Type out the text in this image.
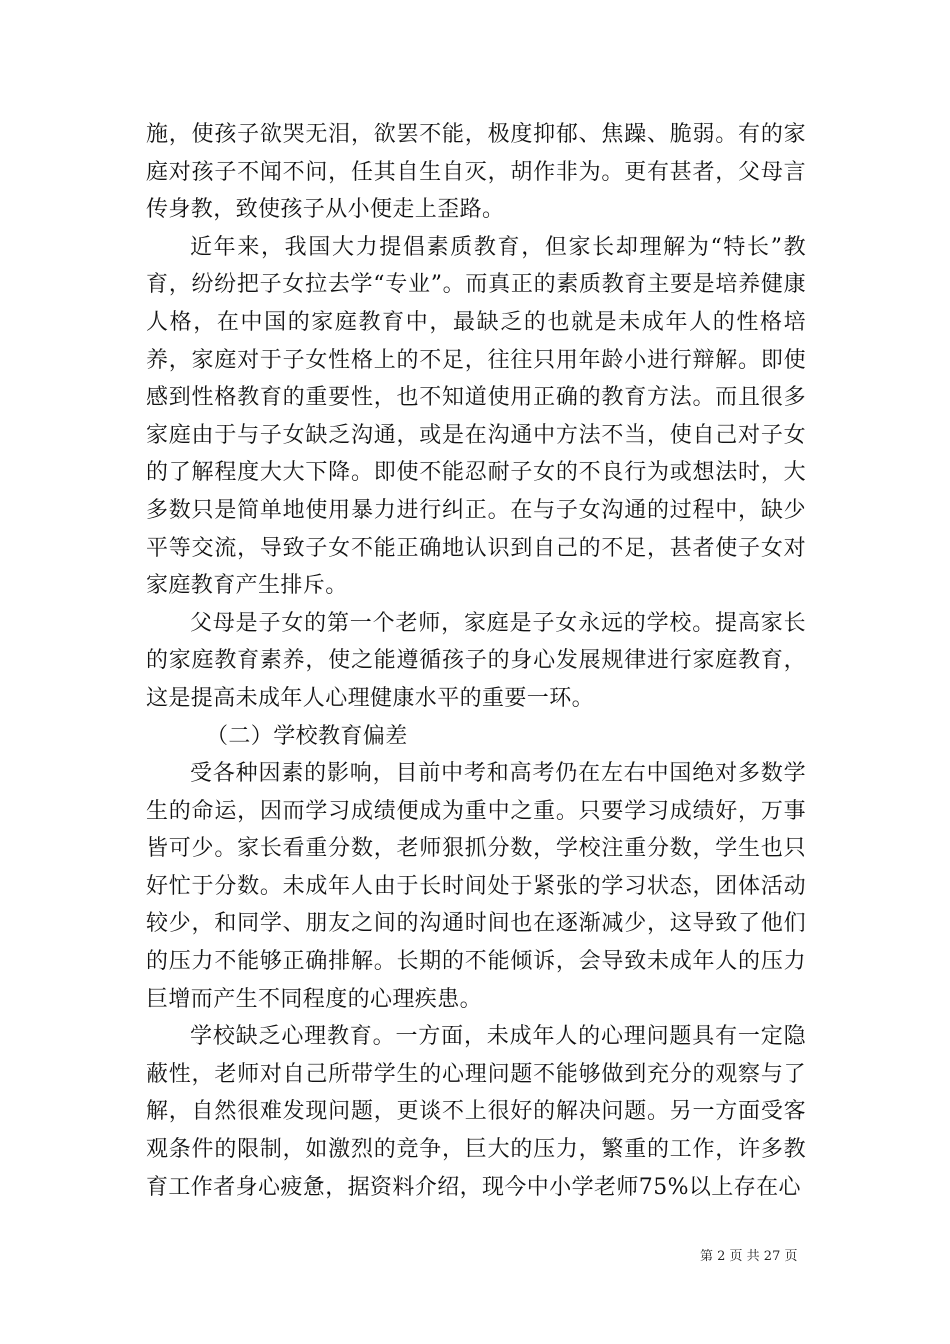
施，使孩子欲哭无泪，欲罢不能，极度抑郁、焦躁、脆弱。有的家庭对孩子不闻不问，任其自生自灭，胡作非为。更有甚者，父母言传身教，致使孩子从小便走上歪路。

近年来，我国大力提倡素质教育，但家长却理解为“特长”教育，纷纷把子女拉去学“专业”。而真正的素质教育主要是培养健康人格，在中国的家庭教育中，最缺乏的也就是未成年人的性格培养，家庭对于子女性格上的不足，往往只用年龄小进行辩解。即使感到性格教育的重要性，也不知道使用正确的教育方法。而且很多家庭由于与子女缺乏沟通，或是在沟通中方法不当，使自己对子女的了解程度大大下降。即使不能忍耐子女的不良行为或想法时，大多数只是简单地使用暴力进行纠正。在与子女沟通的过程中，缺少平等交流，导致子女不能正确地认识到自己的不足，甚者使子女对家庭教育产生排斥。

父母是子女的第一个老师，家庭是子女永远的学校。提高家长的家庭教育素养，使之能遵循孩子的身心发展规律进行家庭教育，这是提高未成年人心理健康水平的重要一环。

（二）学校教育偏差

受各种因素的影响，目前中考和高考仍在左右中国绝对多数学生的命运，因而学习成绩便成为重中之重。只要学习成绩好，万事皆可少。家长看重分数，老师狠抓分数，学校注重分数，学生也只好忙于分数。未成年人由于长时间处于紧张的学习状态，团体活动较少，和同学、朋友之间的沟通时间也在逐渐减少，这导致了他们的压力不能够正确排解。长期的不能倾诉，会导致未成年人的压力巨增而产生不同程度的心理疾患。

学校缺乏心理教育。一方面，未成年人的心理问题具有一定隐蔽性，老师对自己所带学生的心理问题不能够做到充分的观察与了解，自然很难发现问题，更谈不上很好的解决问题。另一方面受客观条件的限制，如激烈的竞争，巨大的压力，繁重的工作，许多教育工作者身心疲惫，据资料介绍，现今中小学老师75%以上存在心

第 2 页 共 27 页
